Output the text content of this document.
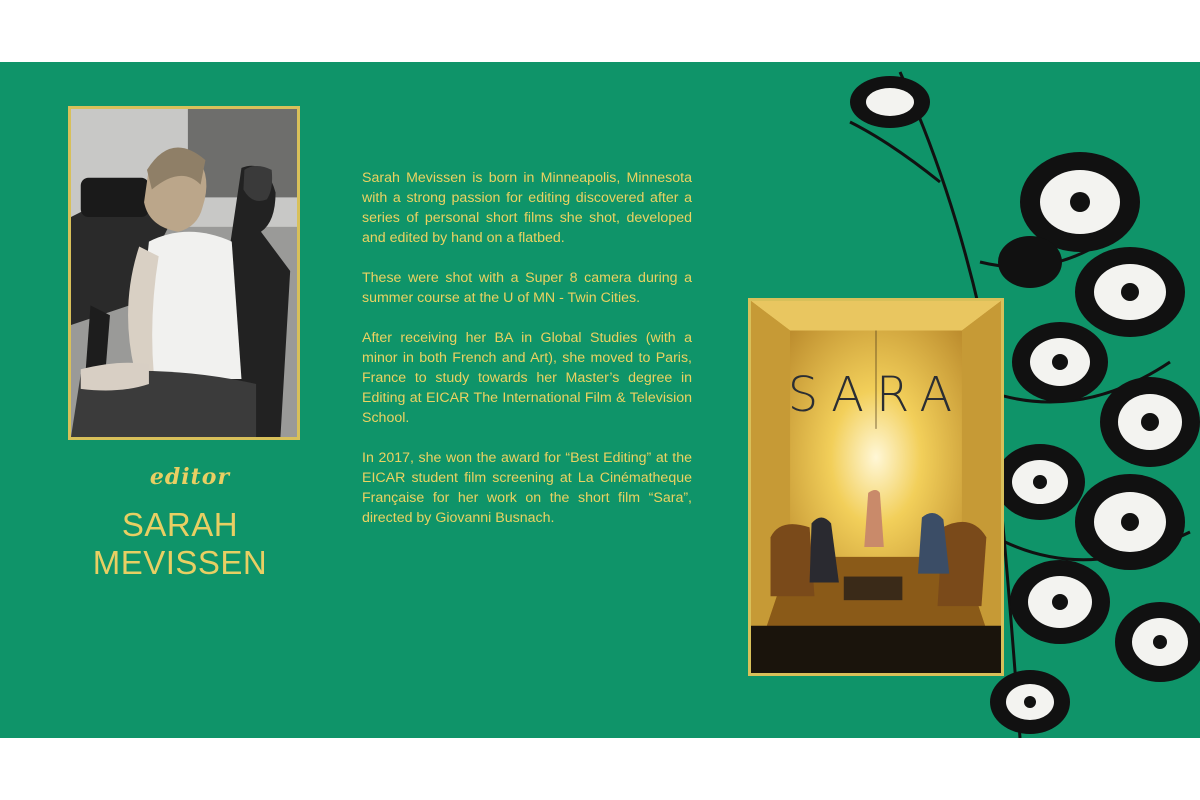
editor
SARAH MEVISSEN

Sarah Mevissen is born in Minneapolis, Minnesota with a strong passion for editing discovered after a series of personal short films she shot, developed and edited by hand on a flatbed.

These were shot with a Super 8 camera during a summer course at the U of MN - Twin Cities.

After receiving her BA in Global Studies (with a minor in both French and Art), she moved to Paris, France to study towards her Master’s degree in Editing at EICAR The International Film & Television School.

In 2017, she won the award for “Best Editing” at the EICAR student film screening at La Cinématheque Française for her work on the short film “Sara”, directed by Giovanni Busnach.

SARA
